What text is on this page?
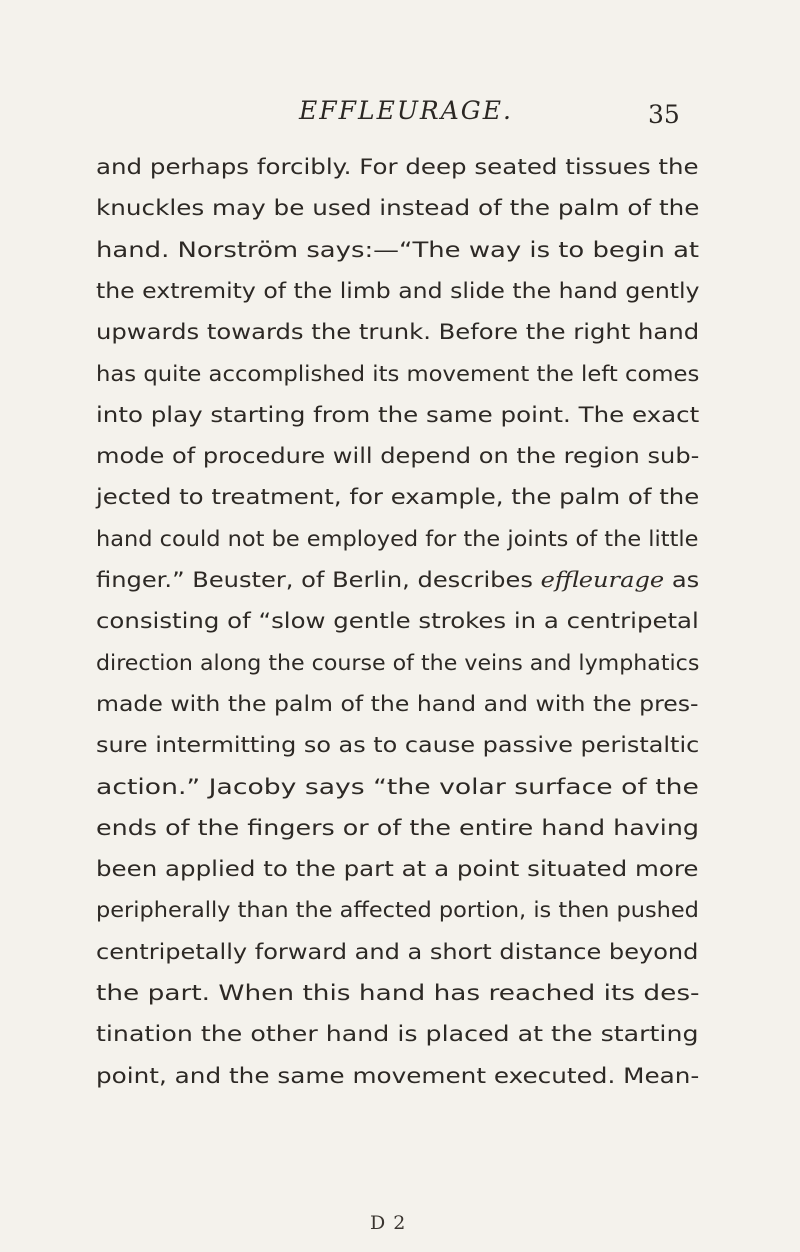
EFFLEURAGE.	35
and perhaps forcibly. For deep seated tissues the
knuckles may be used instead of the palm of the
hand. Norström says:—“The way is to begin at
the extremity of the limb and slide the hand gently
upwards towards the trunk. Before the right hand
has quite accomplished its movement the left comes
into play starting from the same point. The exact
mode of procedure will depend on the region sub-
jected to treatment, for example, the palm of the
hand could not be employed for the joints of the little
finger.” Beuster, of Berlin, describes effleurage as
consisting of “slow gentle strokes in a centripetal
direction along the course of the veins and lymphatics
made with the palm of the hand and with the pres-
sure intermitting so as to cause passive peristaltic
action.” Jacoby says “the volar surface of the
ends of the fingers or of the entire hand having
been applied to the part at a point situated more
peripherally than the affected portion, is then pushed
centripetally forward and a short distance beyond
the part. When this hand has reached its des-
tination the other hand is placed at the starting
point, and the same movement executed. Mean-
D 2
